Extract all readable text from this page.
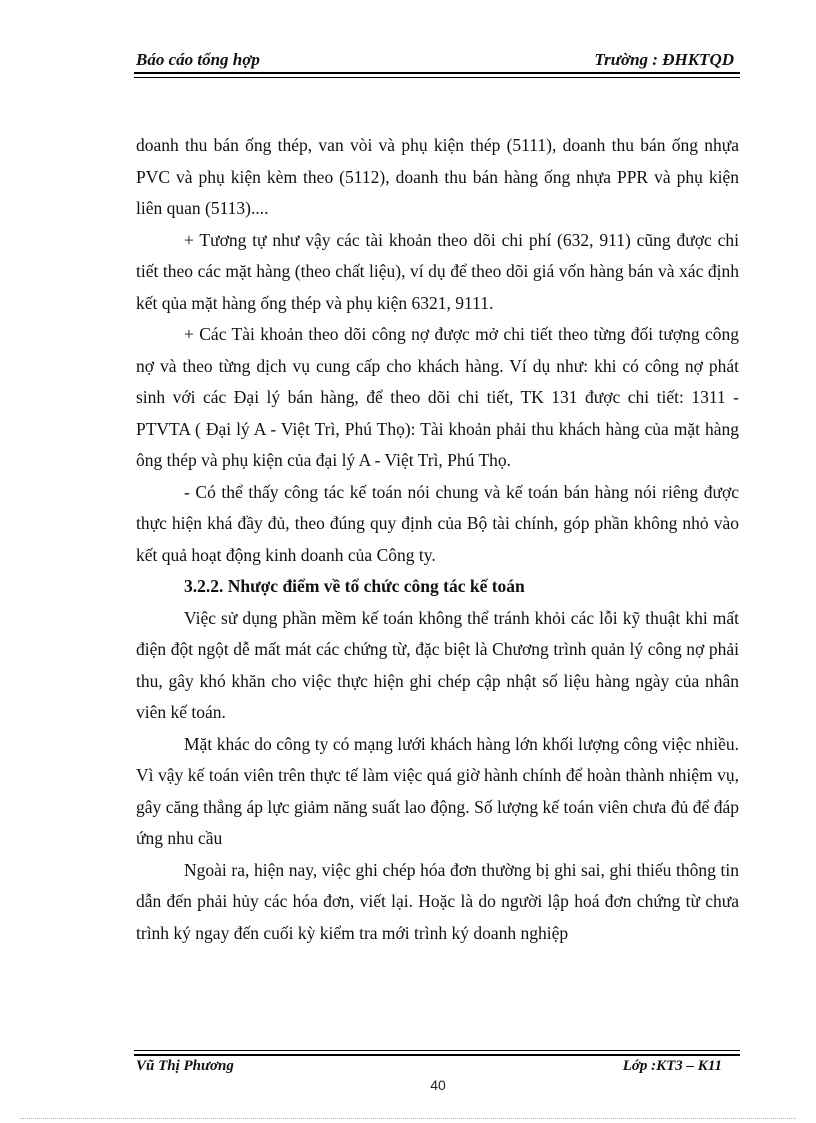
Báo cáo tổng hợp	Trường : ĐHKTQD

doanh thu bán ống thép, van vòi và phụ kiện thép (5111), doanh thu bán ống nhựa PVC và phụ kiện kèm theo (5112), doanh thu bán hàng ống nhựa PPR và phụ kiện liên quan (5113)....

+ Tương tự như vậy các tài khoản theo dõi chi phí (632, 911) cũng được chi tiết theo các mặt hàng (theo chất liệu), ví dụ để theo dõi giá vốn hàng bán và xác định kết qủa mặt hàng ống thép và phụ kiện 6321, 9111.

+ Các Tài khoản theo dõi công nợ được mở chi tiết theo từng đối tượng công nợ và theo từng dịch vụ cung cấp cho khách hàng. Ví dụ như: khi có công nợ phát sinh với các Đại lý bán hàng, để theo dõi chi tiết, TK 131 được chi tiết: 1311 - PTVTA ( Đại lý A - Việt Trì, Phú Thọ): Tài khoản phải thu khách hàng của mặt hàng ông thép và phụ kiện của đại lý A - Việt Trì, Phú Thọ.

- Có thể thấy công tác kế toán nói chung và kế toán bán hàng nói riêng được thực hiện khá đầy đủ, theo đúng quy định của Bộ tài chính, góp phần không nhỏ vào kết quả hoạt động kinh doanh của Công ty.

3.2.2. Nhược điểm về tổ chức công tác kế toán

Việc sử dụng phần mềm kế toán không thể tránh khỏi các lỗi kỹ thuật khi mất điện đột ngột dễ mất mát các chứng từ, đặc biệt là Chương trình quản lý công nợ phải thu, gây khó khăn cho việc thực hiện ghi chép cập nhật số liệu hàng ngày của nhân viên kế toán.

Mặt khác do công ty có mạng lưới khách hàng lớn khối lượng công việc nhiều. Vì vậy kế toán viên trên thực tế làm việc quá giờ hành chính để hoàn thành nhiệm vụ, gây căng thẳng áp lực giảm năng suất lao động. Số lượng kế toán viên chưa đủ để đáp ứng nhu cầu

Ngoài ra, hiện nay, việc ghi chép hóa đơn thường bị ghi sai, ghi thiếu thông tin dẫn đến phải hủy các hóa đơn, viết lại. Hoặc là do người lập hoá đơn chứng từ chưa trình ký ngay đến cuối kỳ kiểm tra mới trình ký doanh nghiệp

Vũ Thị Phương	Lớp :KT3 – K11
40
